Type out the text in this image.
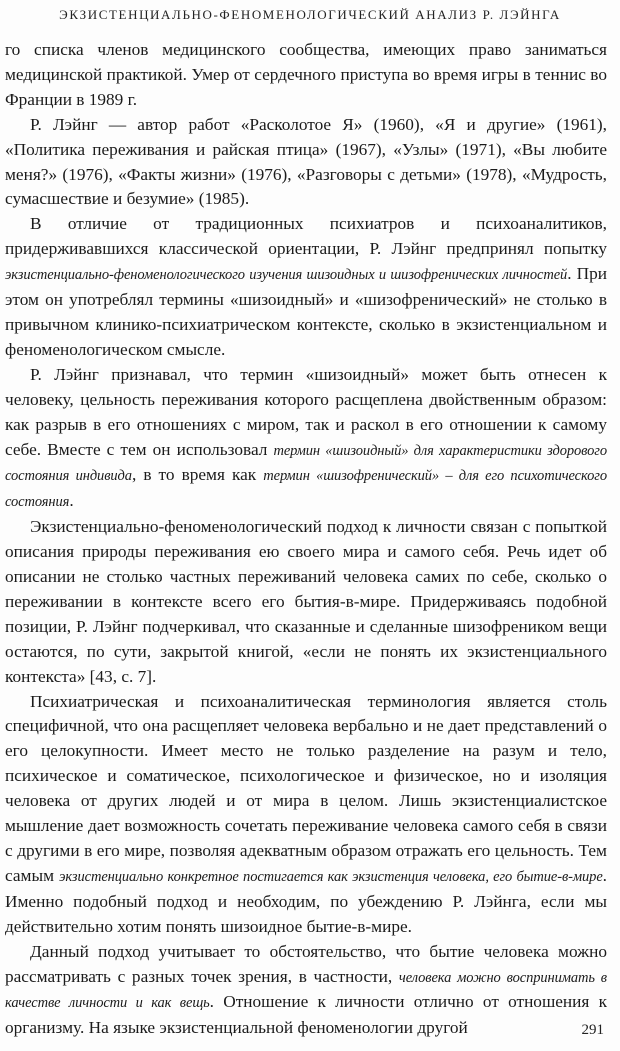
ЭКЗИСТЕНЦИАЛЬНО-ФЕНОМЕНОЛОГИЧЕСКИЙ АНАЛИЗ Р. ЛЭЙНГА

го списка членов медицинского сообщества, имеющих право заниматься медицинской практикой. Умер от сердечного приступа во время игры в теннис во Франции в 1989 г.

Р. Лэйнг — автор работ «Расколотое Я» (1960), «Я и другие» (1961), «Политика переживания и райская птица» (1967), «Узлы» (1971), «Вы любите меня?» (1976), «Факты жизни» (1976), «Разговоры с детьми» (1978), «Мудрость, сумасшествие и безумие» (1985).

В отличие от традиционных психиатров и психоаналитиков, придерживавшихся классической ориентации, Р. Лэйнг предпринял попытку экзистенциально-феноменологического изучения шизоидных и шизофренических личностей. При этом он употреблял термины «шизоидный» и «шизофренический» не столько в привычном клинико-психиатрическом контексте, сколько в экзистенциальном и феноменологическом смысле.

Р. Лэйнг признавал, что термин «шизоидный» может быть отнесен к человеку, цельность переживания которого расщеплена двойственным образом: как разрыв в его отношениях с миром, так и раскол в его отношении к самому себе. Вместе с тем он использовал термин «шизоидный» для характеристики здорового состояния индивида, в то время как термин «шизофренический» – для его психотического состояния.

Экзистенциально-феноменологический подход к личности связан с попыткой описания природы переживания ею своего мира и самого себя. Речь идет об описании не столько частных переживаний человека самих по себе, сколько о переживании в контексте всего его бытия-в-мире. Придерживаясь подобной позиции, Р. Лэйнг подчеркивал, что сказанные и сделанные шизофреником вещи остаются, по сути, закрытой книгой, «если не понять их экзистенциального контекста» [43, с. 7].

Психиатрическая и психоаналитическая терминология является столь специфичной, что она расщепляет человека вербально и не дает представлений о его целокупности. Имеет место не только разделение на разум и тело, психическое и соматическое, психологическое и физическое, но и изоляция человека от других людей и от мира в целом. Лишь экзистенциалистское мышление дает возможность сочетать переживание человека самого себя в связи с другими в его мире, позволяя адекватным образом отражать его цельность. Тем самым экзистенциально конкретное постигается как экзистенция человека, его бытие-в-мире. Именно подобный подход и необходим, по убеждению Р. Лэйнга, если мы действительно хотим понять шизоидное бытие-в-мире.

Данный подход учитывает то обстоятельство, что бытие человека можно рассматривать с разных точек зрения, в частности, человека можно воспринимать в качестве личности и как вещь. Отношение к личности отлично от отношения к организму. На языке экзистенциальной феноменологии другой	291
